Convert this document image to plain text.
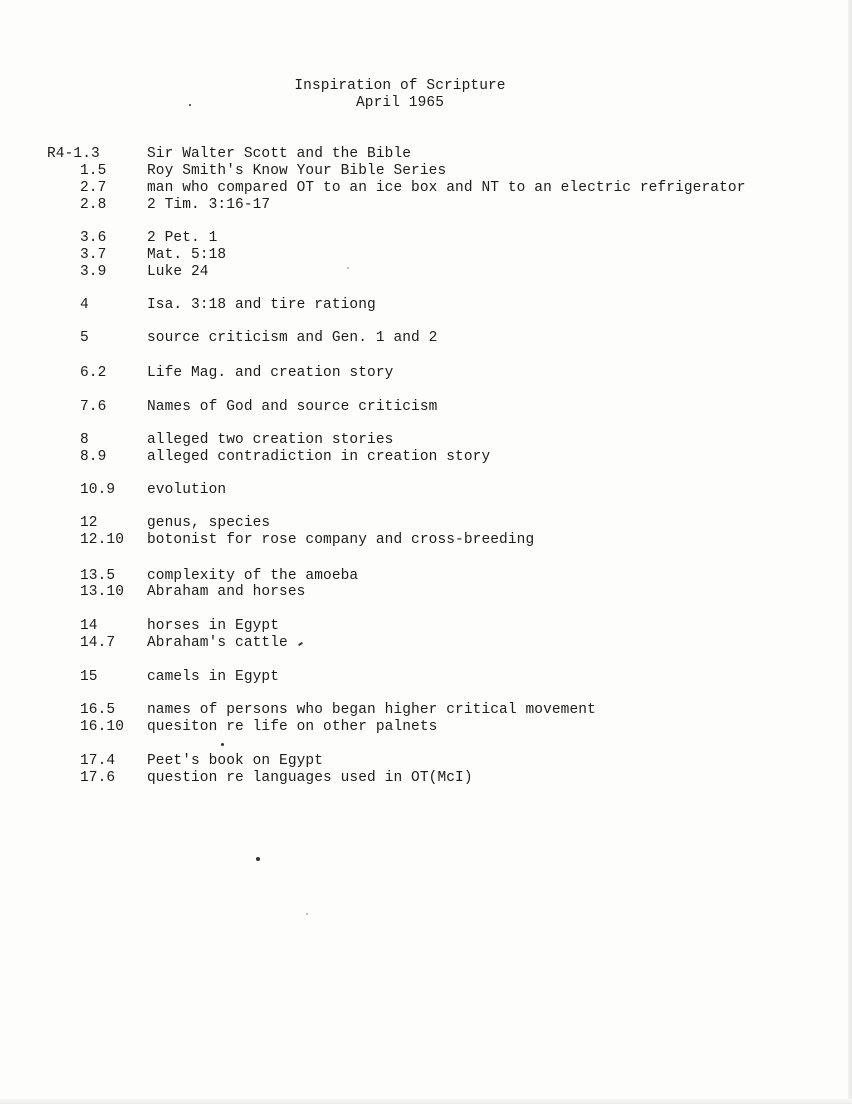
Inspiration of Scripture
April 1965
R4-1.3	Sir Walter Scott and the Bible
1.5	Roy Smith's Know Your Bible Series
2.7	man who compared OT to an ice box and NT to an electric refrigerator
2.8	2 Tim. 3:16-17
3.6	2 Pet. 1
3.7	Mat. 5:18
3.9	Luke 24
4	Isa. 3:18 and tire rationg
5	source criticism and Gen. 1 and 2
6.2	Life Mag. and creation story
7.6	Names of God and source criticism
8	alleged two creation stories
8.9	alleged contradiction in creation story
10.9 evolution
12	genus, species
12.10 botonist for rose company and cross-breeding
13.5 complexity of the amoeba
13.10 Abraham and horses
14	horses in Egypt
14.7 Abraham's cattle
15	camels in Egypt
16.5 names of persons who began higher critical movement
16.10 quesiton re life on other palnets
17.4 Peet's book on Egypt
17.6 question re languages used in OT(McI)
